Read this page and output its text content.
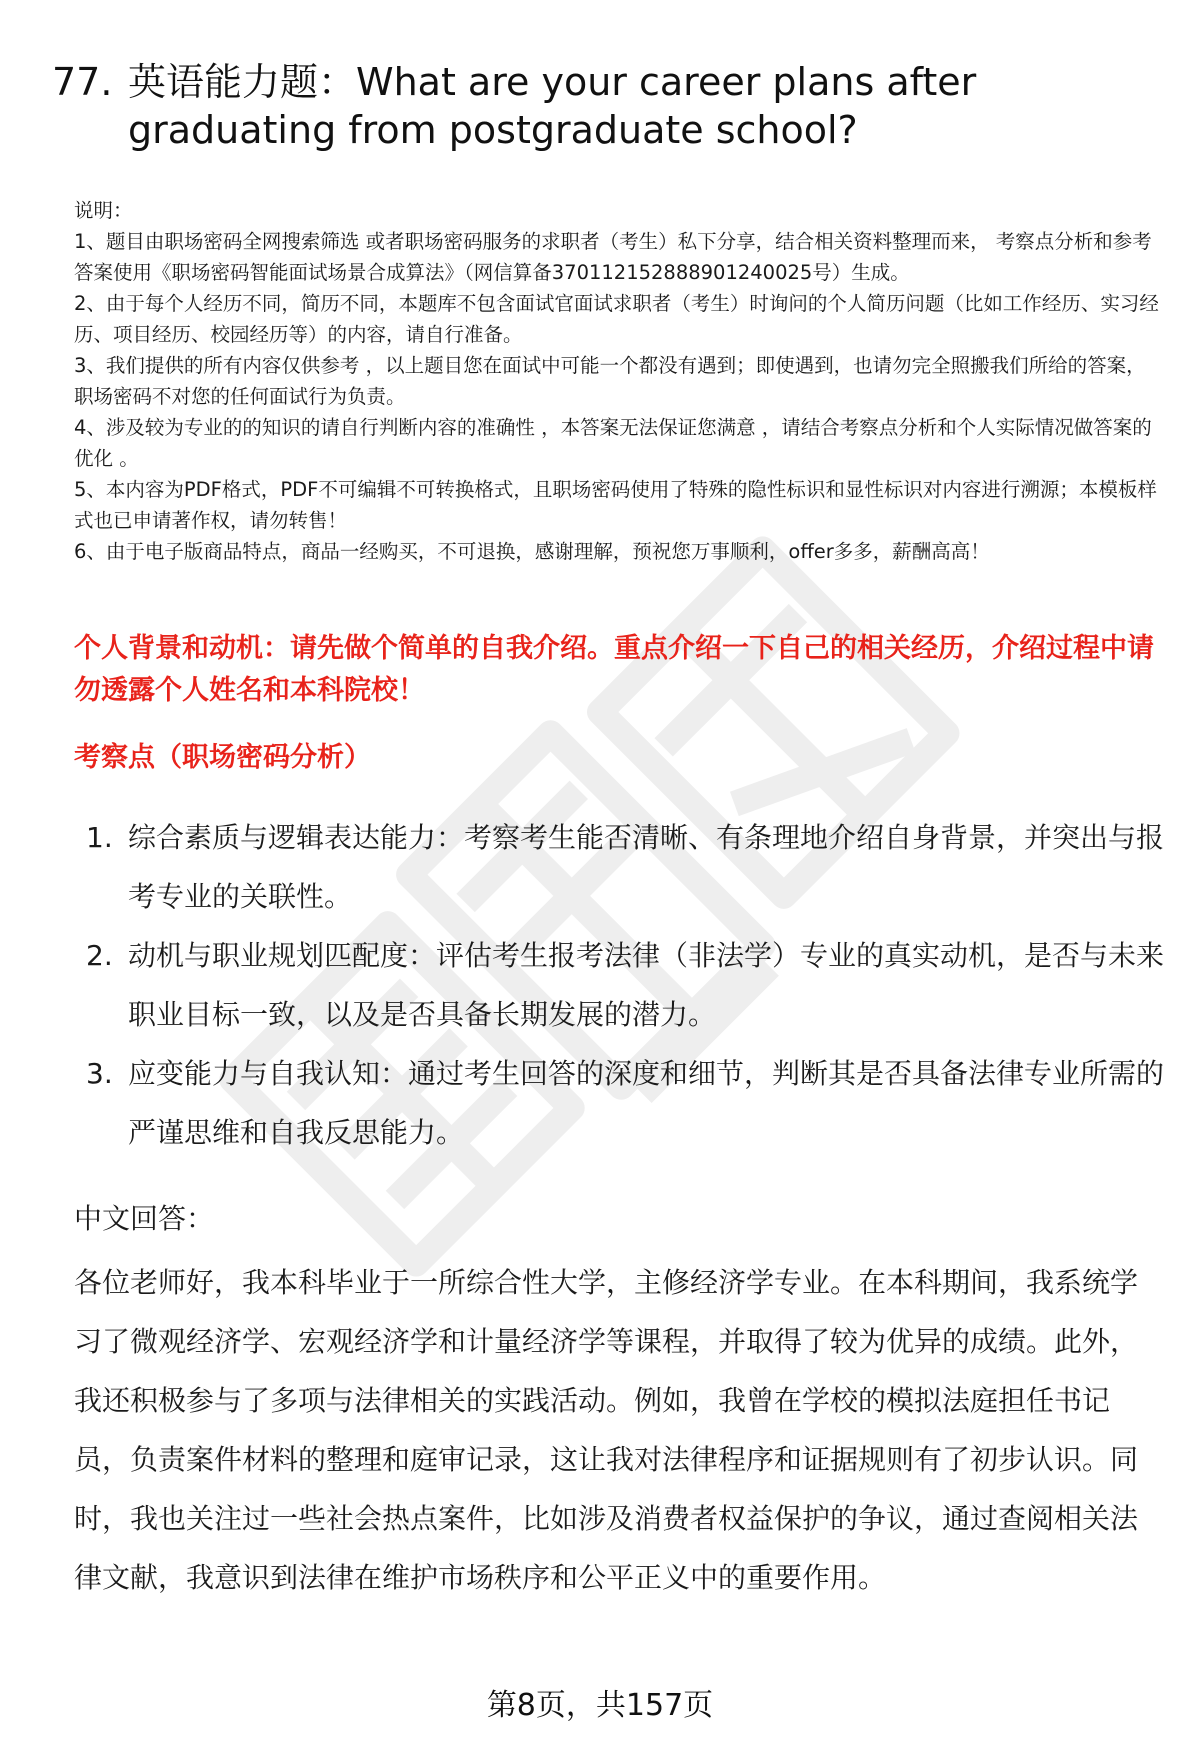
77. 英语能力题：What are your career plans after graduating from postgraduate school?

说明：

1、题目由职场密码全网搜索筛选 或者职场密码服务的求职者（考生）私下分享，结合相关资料整理而来， 考察点分析和参考答案使用《职场密码智能面试场景合成算法》（网信算备370112152888901240025号）生成。

2、由于每个人经历不同，简历不同，本题库不包含面试官面试求职者（考生）时询问的个人简历问题（比如工作经历、实习经历、项目经历、校园经历等）的内容，请自行准备。

3、我们提供的所有内容仅供参考 ，以上题目您在面试中可能一个都没有遇到；即使遇到，也请勿完全照搬我们所给的答案，职场密码不对您的任何面试行为负责。

4、涉及较为专业的的知识的请自行判断内容的准确性 ，本答案无法保证您满意 ，请结合考察点分析和个人实际情况做答案的优化 。

5、本内容为PDF格式，PDF不可编辑不可转换格式，且职场密码使用了特殊的隐性标识和显性标识对内容进行溯源；本模板样式也已申请著作权，请勿转售！

6、由于电子版商品特点，商品一经购买，不可退换，感谢理解，预祝您万事顺利，offer多多，薪酬高高！

个人背景和动机：请先做个简单的自我介绍。重点介绍一下自己的相关经历，介绍过程中请勿透露个人姓名和本科院校！
考察点（职场密码分析）
1. 综合素质与逻辑表达能力：考察考生能否清晰、有条理地介绍自身背景，并突出与报考专业的关联性。
2. 动机与职业规划匹配度：评估考生报考法律（非法学）专业的真实动机，是否与未来职业目标一致，以及是否具备长期发展的潜力。
3. 应变能力与自我认知：通过考生回答的深度和细节，判断其是否具备法律专业所需的严谨思维和自我反思能力。
中文回答：
各位老师好，我本科毕业于一所综合性大学，主修经济学专业。在本科期间，我系统学习了微观经济学、宏观经济学和计量经济学等课程，并取得了较为优异的成绩。此外，我还积极参与了多项与法律相关的实践活动。例如，我曾在学校的模拟法庭担任书记员，负责案件材料的整理和庭审记录，这让我对法律程序和证据规则有了初步认识。同时，我也关注过一些社会热点案件，比如涉及消费者权益保护的争议，通过查阅相关法律文献，我意识到法律在维护市场秩序和公平正义中的重要作用。
第8页，共157页
